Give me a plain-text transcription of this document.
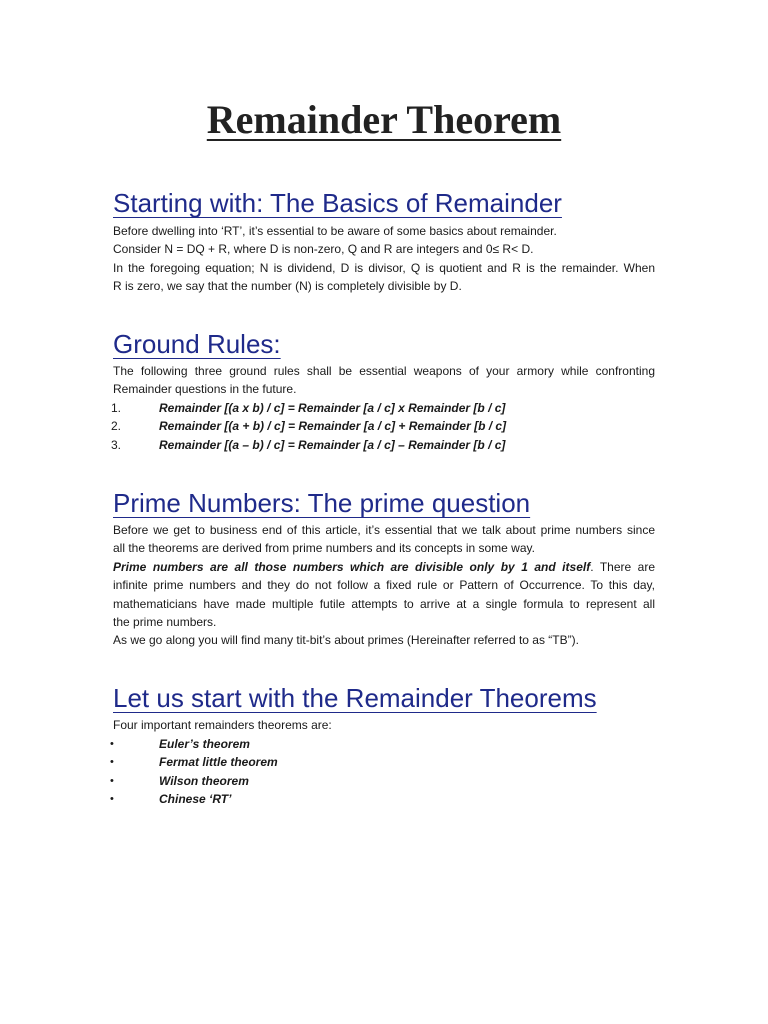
Remainder Theorem
Starting with: The Basics of Remainder

Before dwelling into ‘RT’, it’s essential to be aware of some basics about remainder.
Consider N = DQ + R, where D is non-zero, Q and R are integers and 0≤ R< D.
In the foregoing equation; N is dividend, D is divisor, Q is quotient and R is the remainder. When
R is zero, we say that the number (N) is completely divisible by D.

Ground Rules:

The following three ground rules shall be essential weapons of your armory while confronting
Remainder questions in the future.

1.	Remainder [(a x b) / c] = Remainder [a / c] x Remainder [b / c]
2.	Remainder [(a + b) / c] = Remainder [a / c] + Remainder [b / c]
3.	Remainder [(a – b) / c] = Remainder [a / c] – Remainder [b / c]
Prime Numbers: The prime question

Before we get to business end of this article, it’s essential that we talk about prime numbers since
all the theorems are derived from prime numbers and its concepts in some way.
Prime numbers are all those numbers which are divisible only by 1 and itself. There are
infinite prime numbers and they do not follow a fixed rule or Pattern of Occurrence. To this day,
mathematicians have made multiple futile attempts to arrive at a single formula to represent all
the prime numbers.
As we go along you will find many tit-bit’s about primes (Hereinafter referred to as “TB”).

Let us start with the Remainder Theorems

Four important remainders theorems are:

•	Euler’s theorem
•	Fermat little theorem
•	Wilson theorem
•	Chinese ‘RT’
